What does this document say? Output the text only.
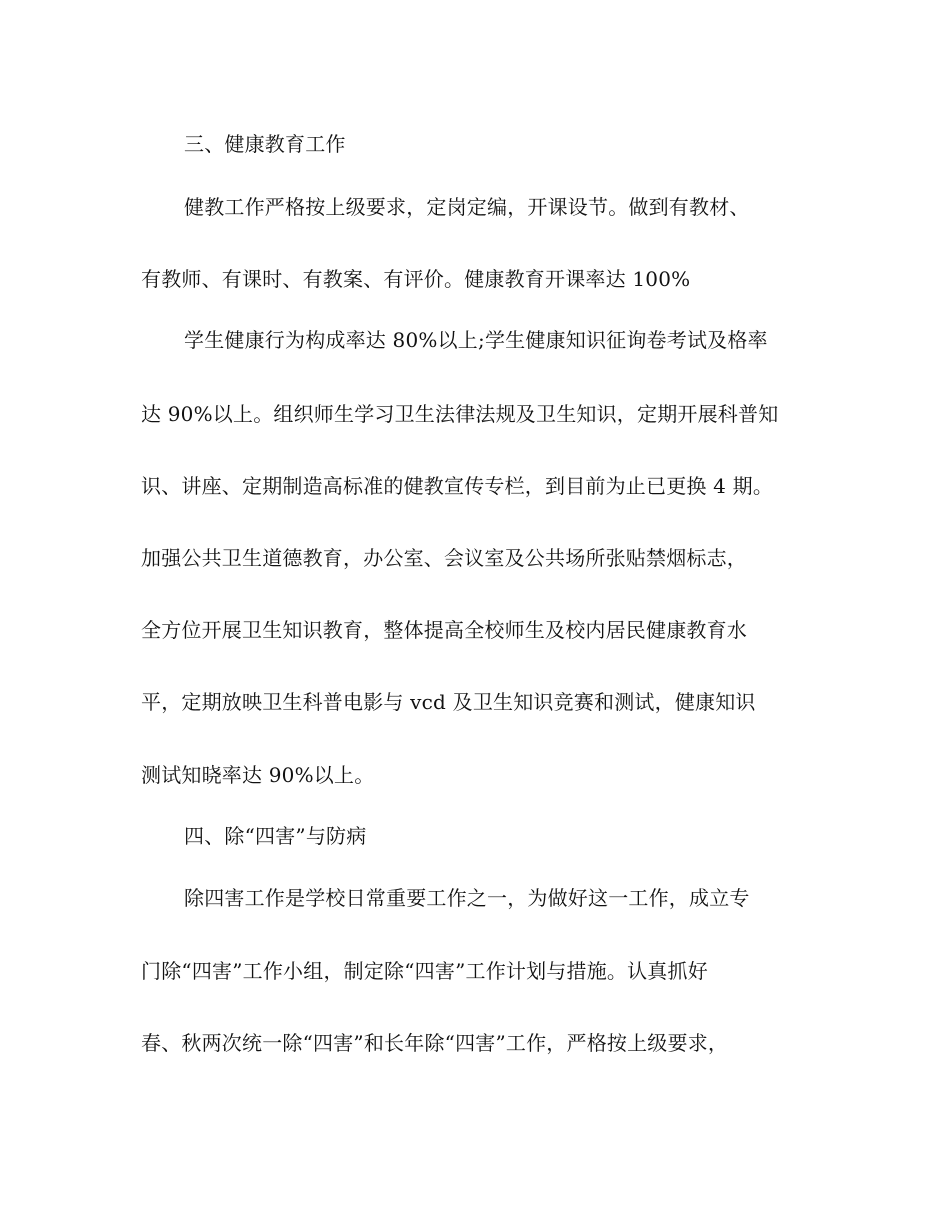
三、健康教育工作
健教工作严格按上级要求，定岗定编，开课设节。做到有教材、
有教师、有课时、有教案、有评价。健康教育开课率达 100%
学生健康行为构成率达 80%以上;学生健康知识征询卷考试及格率
达 90%以上。组织师生学习卫生法律法规及卫生知识，定期开展科普知
识、讲座、定期制造高标准的健教宣传专栏，到目前为止已更换 4 期。
加强公共卫生道德教育，办公室、会议室及公共场所张贴禁烟标志，
全方位开展卫生知识教育，整体提高全校师生及校内居民健康教育水
平，定期放映卫生科普电影与 vcd 及卫生知识竞赛和测试，健康知识
测试知晓率达 90%以上。
四、除“四害”与防病
除四害工作是学校日常重要工作之一，为做好这一工作，成立专
门除“四害”工作小组，制定除“四害”工作计划与措施。认真抓好
春、秋两次统一除“四害”和长年除“四害”工作，严格按上级要求，
